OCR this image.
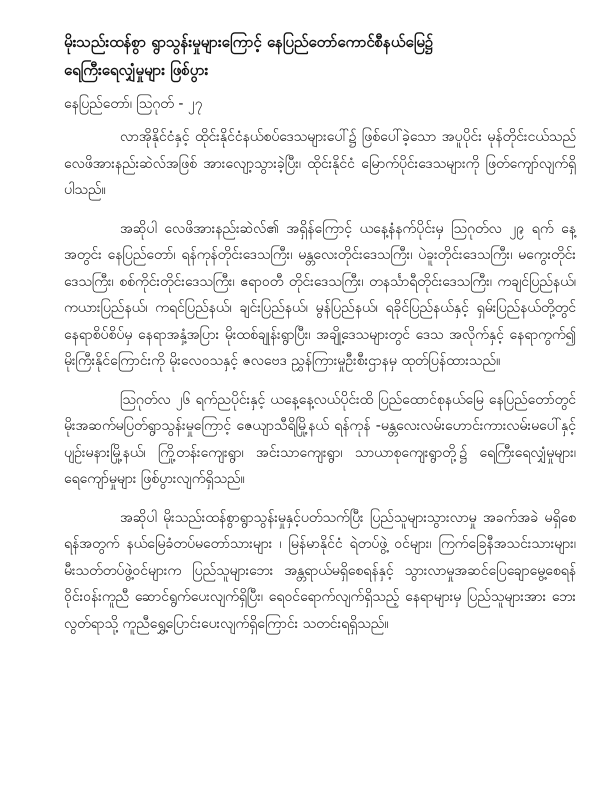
မိုးသည်းထန်စွာ ရွာသွန်းမှုများကြောင့် နေပြည်တော်ကောင်စီနယ်မြေ၌
ရေကြီးရေလျှံမှုများ ဖြစ်ပွား
နေပြည်တော်၊ ဩဂုတ် - ၂၇

လာအိုနိုင်ငံနှင့် ထိုင်းနိုင်ငံနယ်စပ်ဒေသများပေါ်၌ ဖြစ်ပေါ်ခဲ့သော အပူပိုင်း မုန်တိုင်းငယ်သည် လေဖိအားနည်းဆဲလ်အဖြစ် အားလျော့သွားခဲ့ပြီး၊ ထိုင်းနိုင်ငံ မြောက်ပိုင်းဒေသများကို ဖြတ်ကျော်လျက်ရှိပါသည်။

အဆိုပါ လေဖိအားနည်းဆဲလ်၏ အရှိန်ကြောင့် ယနေ့နံနက်ပိုင်းမှ ဩဂုတ်လ ၂၉ ရက် နေ့ အတွင်း နေပြည်တော်၊ ရန်ကုန်တိုင်းဒေသကြီး၊ မန္တလေးတိုင်းဒေသကြီး၊ ပဲခူးတိုင်းဒေသကြီး၊ မကွေးတိုင်းဒေသကြီး၊ စစ်ကိုင်းတိုင်းဒေသကြီး၊ ဧရာဝတီ တိုင်းဒေသကြီး၊ တနင်္သာရီတိုင်းဒေသကြီး၊ ကချင်ပြည်နယ်၊ ကယားပြည်နယ်၊ ကရင်ပြည်နယ်၊ ချင်းပြည်နယ်၊ မွန်ပြည်နယ်၊ ရခိုင်ပြည်နယ်နှင့် ရှမ်းပြည်နယ်တို့တွင် နေရာစိပ်စိပ်မှ နေရာအနှံ့အပြား မိုးထစ်ချုန်းရွာပြီး၊ အချို့ဒေသများတွင် ဒေသ အလိုက်နှင့် နေရာကွက်၍ မိုးကြီးနိုင်ကြောင်းကို မိုးလေဝသနှင့် ဇလဗေဒ ညွှန်ကြားမှုဦးစီးဌာနမှ ထုတ်ပြန်ထားသည်။

ဩဂုတ်လ ၂၆ ရက်ညပိုင်းနှင့် ယနေ့နေ့လယ်ပိုင်းထိ ပြည်ထောင်စုနယ်မြေ နေပြည်တော်တွင် မိုးအဆက်မပြတ်ရွာသွန်းမှုကြောင့် ဇေယျာသီရိမြို့နယ် ရန်ကုန် -မန္တလေးလမ်းဟောင်းကားလမ်းမပေါ်နှင့် ပျဉ်းမနားမြို့နယ်၊ ကြို့တန်းကျေးရွာ၊ အင်းသာကျေးရွာ၊ သာယာစုကျေးရွာတို့၌ ရေကြီးရေလျှံမှုများ၊ ရေကျော်မှုများ ဖြစ်ပွားလျက်ရှိသည်။

အဆိုပါ မိုးသည်းထန်စွာရွာသွန်းမှုနှင့်ပတ်သက်ပြီး ပြည်သူများသွားလာမှု အခက်အခဲ မရှိစေရန်အတွက် နယ်မြေခံတပ်မတော်သားများ ၊ မြန်မာနိုင်ငံ ရဲတပ်ဖွဲ့ ဝင်များ၊ ကြက်ခြေနီအသင်းသားများ၊ မီးသတ်တပ်ဖွဲ့ဝင်များက ပြည်သူများဘေး အန္တရာယ်မရှိစေရန်နှင့် သွားလာမှုအဆင်ပြေချောမွေ့စေရန် ဝိုင်းဝန်းကူညီ ဆောင်ရွက်ပေးလျက်ရှိပြီး၊ ရေဝင်ရောက်လျက်ရှိသည့် နေရာများမှ ပြည်သူများအား ဘေးလွတ်ရာသို့ ကူညီရွှေ့ပြောင်းပေးလျက်ရှိကြောင်း သတင်းရရှိသည်။
